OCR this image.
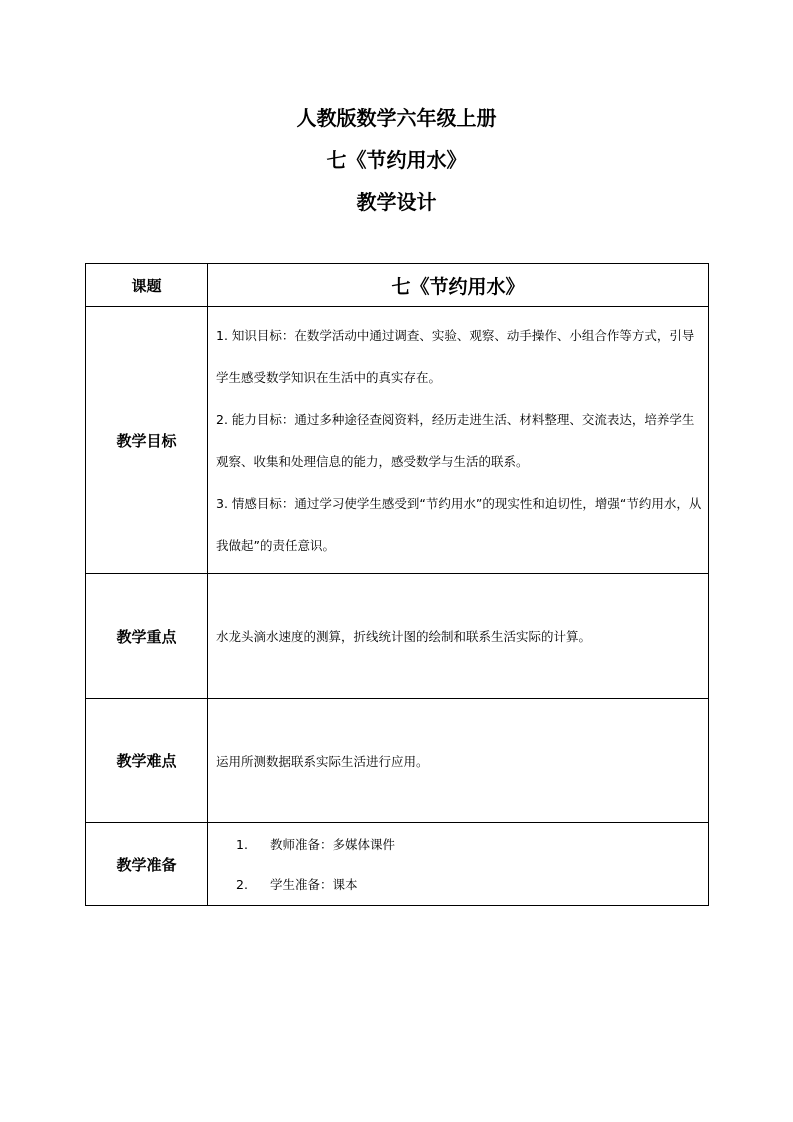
人教版数学六年级上册
七《节约用水》
教学设计
课题	七《节约用水》
教学目标	1. 知识目标：在数学活动中通过调查、实验、观察、动手操作、小组合作等方式，引导学生感受数学知识在生活中的真实存在。

2. 能力目标：通过多种途径查阅资料，经历走进生活、材料整理、交流表达，培养学生观察、收集和处理信息的能力，感受数学与生活的联系。

3. 情感目标：通过学习使学生感受到“节约用水”的现实性和迫切性，增强“节约用水，从我做起”的责任意识。

教学重点	水龙头滴水速度的测算，折线统计图的绘制和联系生活实际的计算。
教学难点	运用所测数据联系实际生活进行应用。
教学准备	1. 教师准备：多媒体课件
2. 学生准备：课本
